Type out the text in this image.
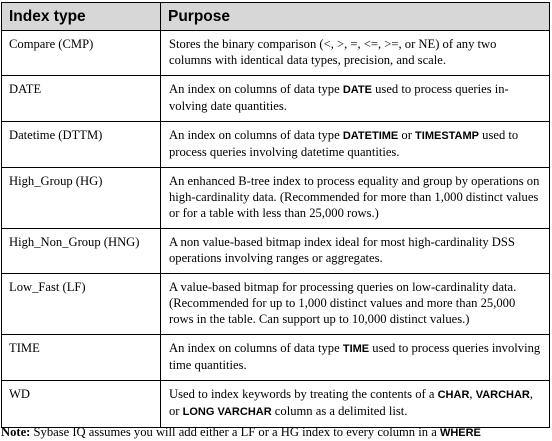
Index type	Purpose
Compare (CMP)	Stores the binary comparison (<, >, =, <=, >=, or NE) of any two columns with identical data types, precision, and scale.
DATE	An index on columns of data type DATE used to process queries involving date quantities.
Datetime (DTTM)	An index on columns of data type DATETIME or TIMESTAMP used to process queries involving datetime quantities.
High_Group (HG)	An enhanced B-tree index to process equality and group by operations on high-cardinality data. (Recommended for more than 1,000 distinct values or for a table with less than 25,000 rows.)
High_Non_Group (HNG)	A non value-based bitmap index ideal for most high-cardinality DSS operations involving ranges or aggregates.
Low_Fast (LF)	A value-based bitmap for processing queries on low-cardinality data. (Recommended for up to 1,000 distinct values and more than 25,000 rows in the table. Can support up to 10,000 distinct values.)
TIME	An index on columns of data type TIME used to process queries involving time quantities.
WD	Used to index keywords by treating the contents of a CHAR, VARCHAR, or LONG VARCHAR column as a delimited list.
Note: Sybase IQ assumes you will add either a LF or a HG index to every column in a WHERE
